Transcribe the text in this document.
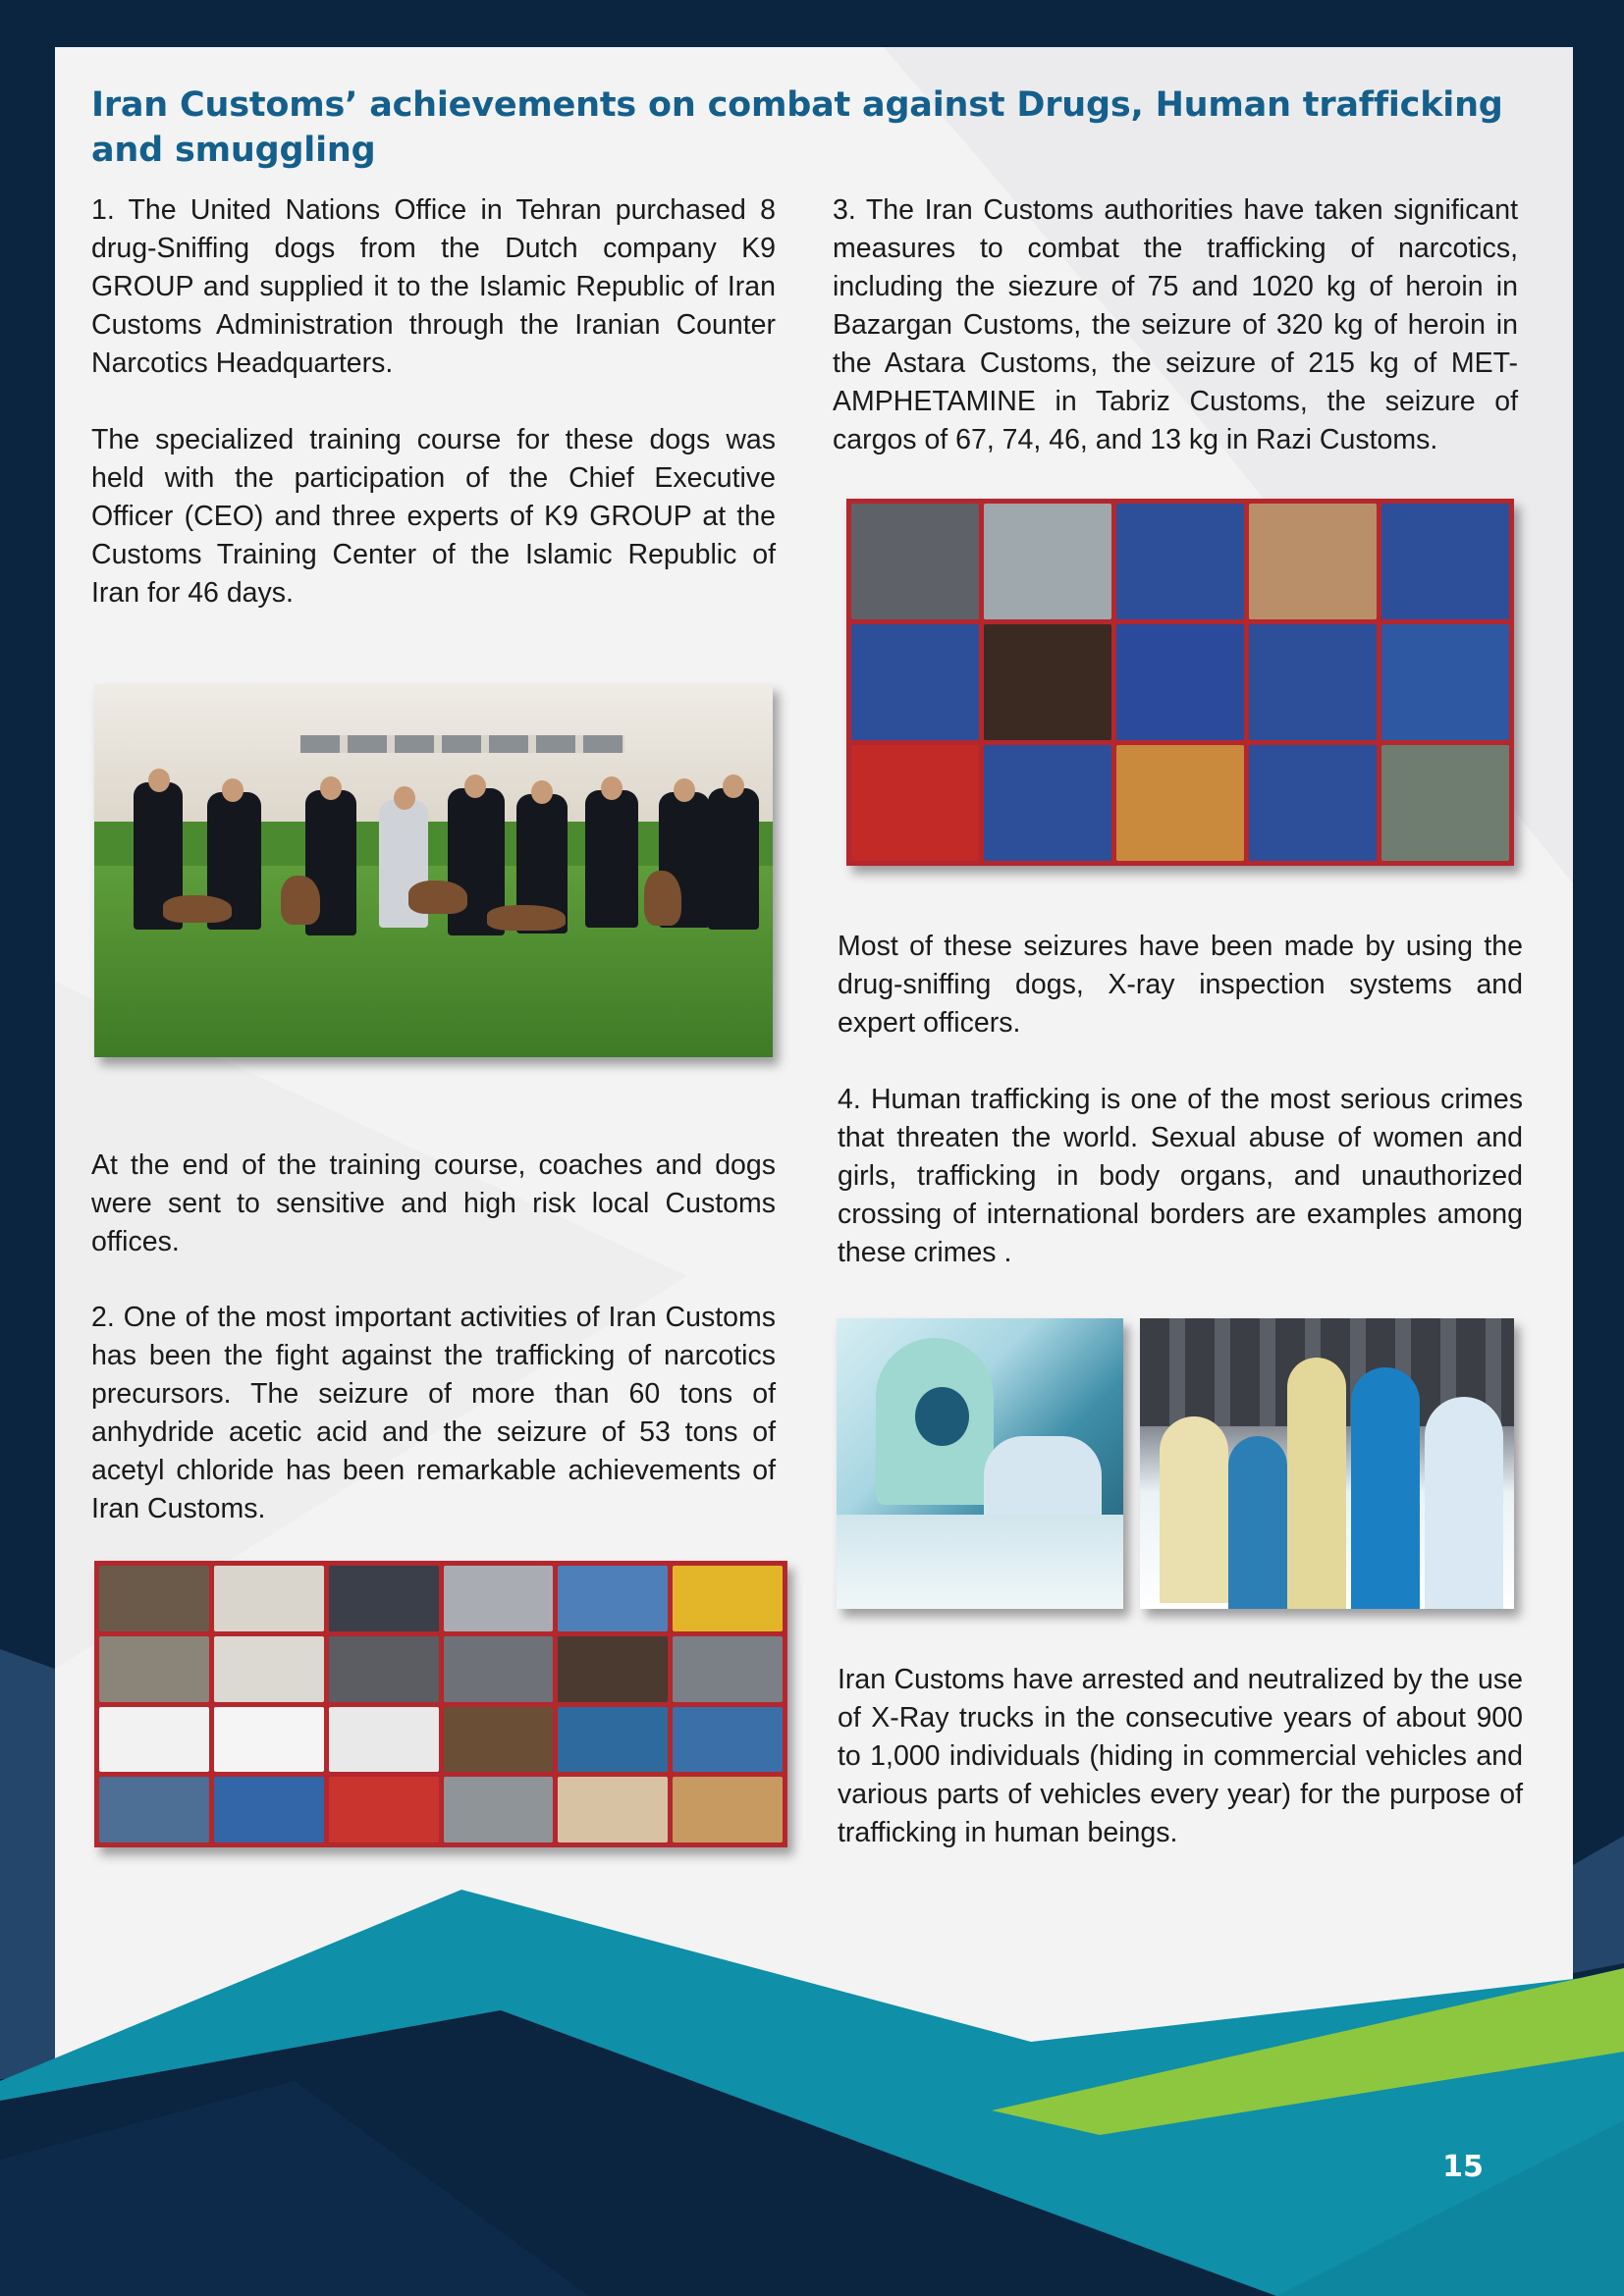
Iran Customs’ achievements on combat against Drugs, Human trafficking and smuggling

1. The United Nations Office in Tehran purchased 8 drug-Sniffing dogs from the Dutch company K9 GROUP and supplied it to the Islamic Republic of Iran Customs Administration through the Iranian Counter Narcotics Headquarters.

The specialized training course for these dogs was held with the participation of the Chief Executive Officer (CEO) and three experts of K9 GROUP at the Customs Training Center of the Islamic Republic of Iran for 46 days.

At the end of the training course, coaches and dogs were sent to sensitive and high risk local Customs offices.

2. One of the most important activities of Iran Customs has been the fight against the trafficking of narcotics precursors. The seizure of more than 60 tons of anhydride acetic acid and the seizure of 53 tons of acetyl chloride has been remarkable achievements of Iran Customs.

3. The Iran Customs authorities have taken significant measures to combat the trafficking of narcotics, including the siezure of 75 and 1020 kg of heroin in Bazargan Customs, the seizure of 320 kg of heroin in the Astara Customs, the seizure of 215 kg of MET-AMPHETAMINE in Tabriz Customs, the seizure of cargos of 67, 74, 46, and 13 kg in Razi Customs.

Most of these seizures have been made by using the drug-sniffing dogs, X-ray inspection systems and expert officers.

4. Human trafficking is one of the most serious crimes that threaten the world. Sexual abuse of women and girls, trafficking in body organs, and unauthorized crossing of international borders are examples among these crimes .

Iran Customs have arrested and neutralized by the use of X-Ray trucks in the consecutive years of about 900 to 1,000 individuals (hiding in commercial vehicles and various parts of vehicles every year) for the purpose of trafficking in human beings.

15
